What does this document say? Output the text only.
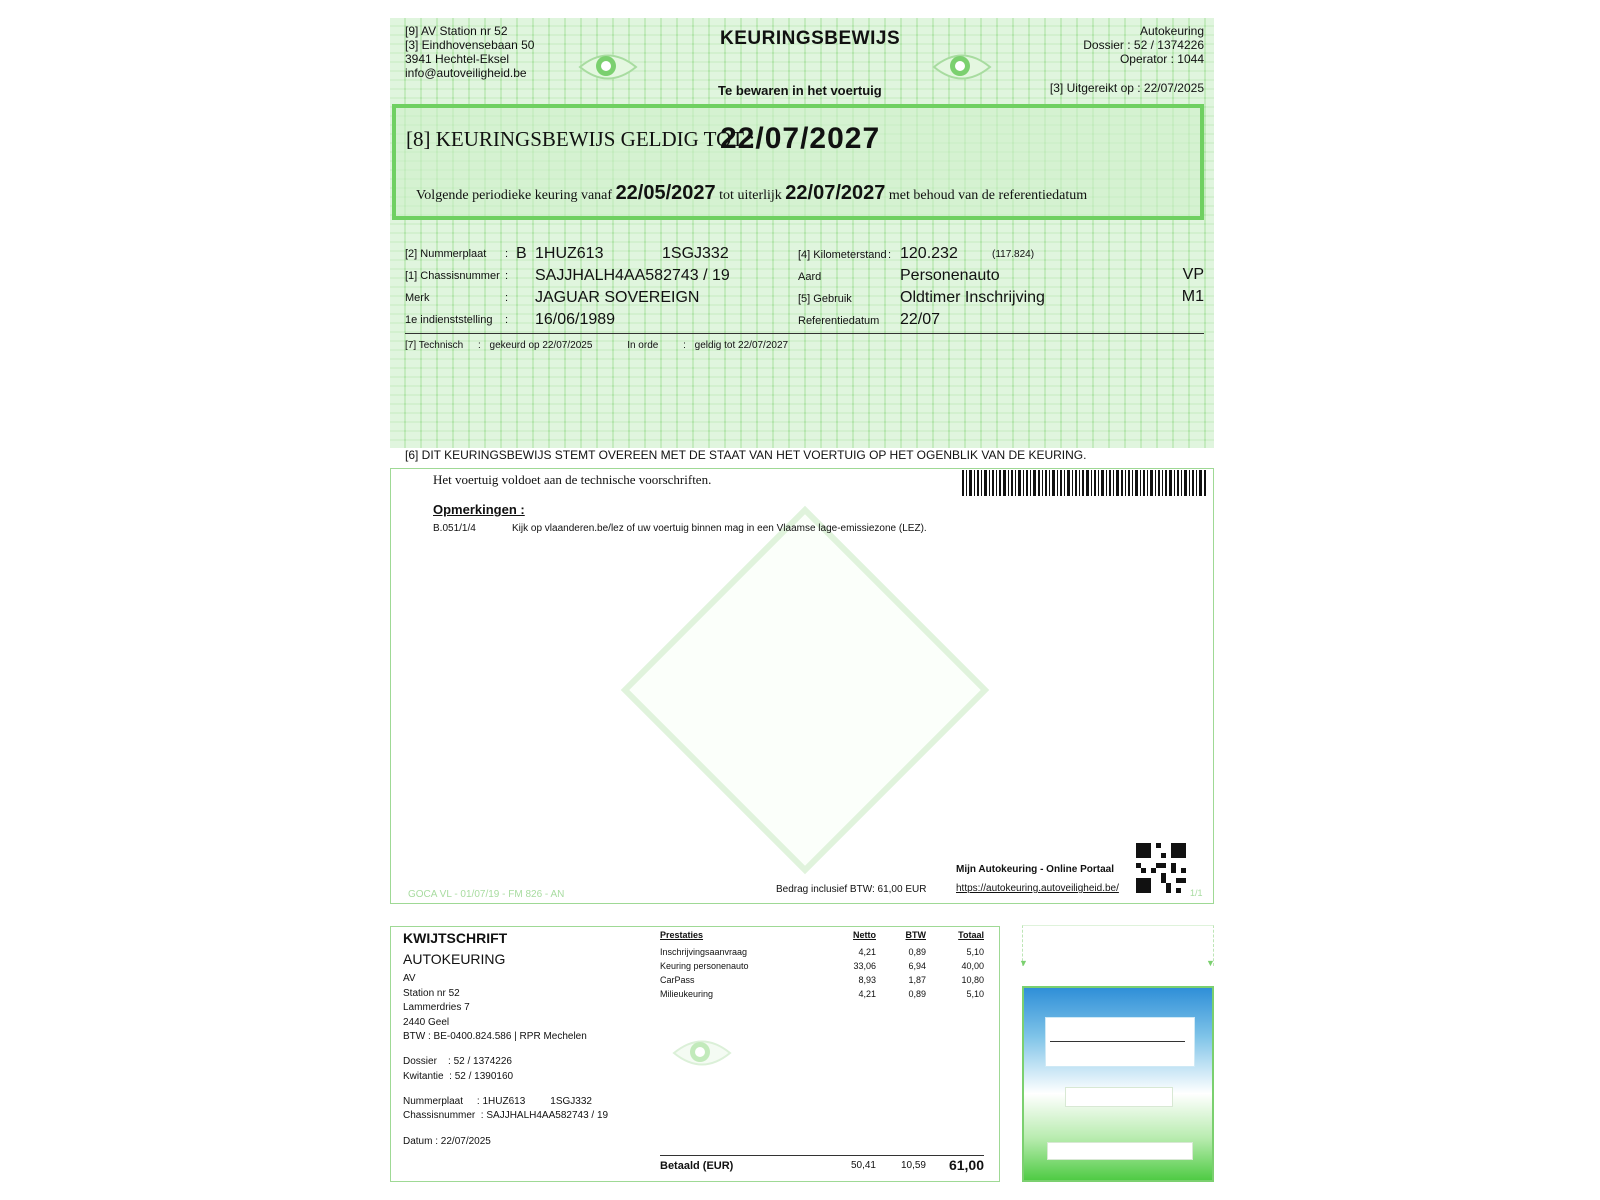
[9] AV Station nr 52
[3] Eindhovensebaan 50
3941 Hechtel-Eksel
info@autoveiligheid.be
KEURINGSBEWIJS
Te bewaren in het voertuig
Autokeuring
Dossier : 52 / 1374226
Operator : 1044
[3] Uitgereikt op : 22/07/2025
[8] KEURINGSBEWIJS GELDIG TOT :
22/07/2027
Volgende periodieke keuring vanaf 22/05/2027 tot uiterlijk 22/07/2027 met behoud van de referentiedatum
[2] Nummerplaat : B 1HUZ613	1SGJ332
[1] Chassisnummer : SAJJHALH4AA582743 / 19
Merk	: JAGUAR SOVEREIGN
1e indienststelling : 16/06/1989
[4] Kilometerstand : 120.232	(117.824)
Aard	Personenauto	VP
[5] Gebruik	Oldtimer Inschrijving	M1
Referentiedatum 22/07
[7] Technisch : gekeurd op 22/07/2025	In orde : geldig tot 22/07/2027
[6] DIT KEURINGSBEWIJS STEMT OVEREEN MET DE STAAT VAN HET VOERTUIG OP HET OGENBLIK VAN DE KEURING.
Het voertuig voldoet aan de technische voorschriften.
Opmerkingen :
B.051/1/4	Kijk op vlaanderen.be/lez of uw voertuig binnen mag in een Vlaamse lage-emissiezone (LEZ).
GOCA VL - 01/07/19 - FM 826 - AN	Bedrag inclusief BTW: 61,00 EUR
Mijn Autokeuring - Online Portaal
https://autokeuring.autoveiligheid.be/	1/1
KWIJTSCHRIFT
AUTOKEURING
AV
Station nr 52
Lammerdries 7
2440 Geel
BTW : BE-0400.824.586 | RPR Mechelen
Dossier    : 52 / 1374226
Kwitantie  : 52 / 1390160
Nummerplaat     : 1HUZ613         1SGJ332
Chassisnummer  : SAJJHALH4AA582743 / 19
Datum : 22/07/2025
Prestaties	Netto	BTW	Totaal
Inschrijvingsaanvraag	4,21	0,89	5,10
Keuring personenauto	33,06	6,94	40,00
CarPass	8,93	1,87	10,80
Milieukeuring	4,21	0,89	5,10
Betaald (EUR)	50,41	10,59	61,00
▼	▼
